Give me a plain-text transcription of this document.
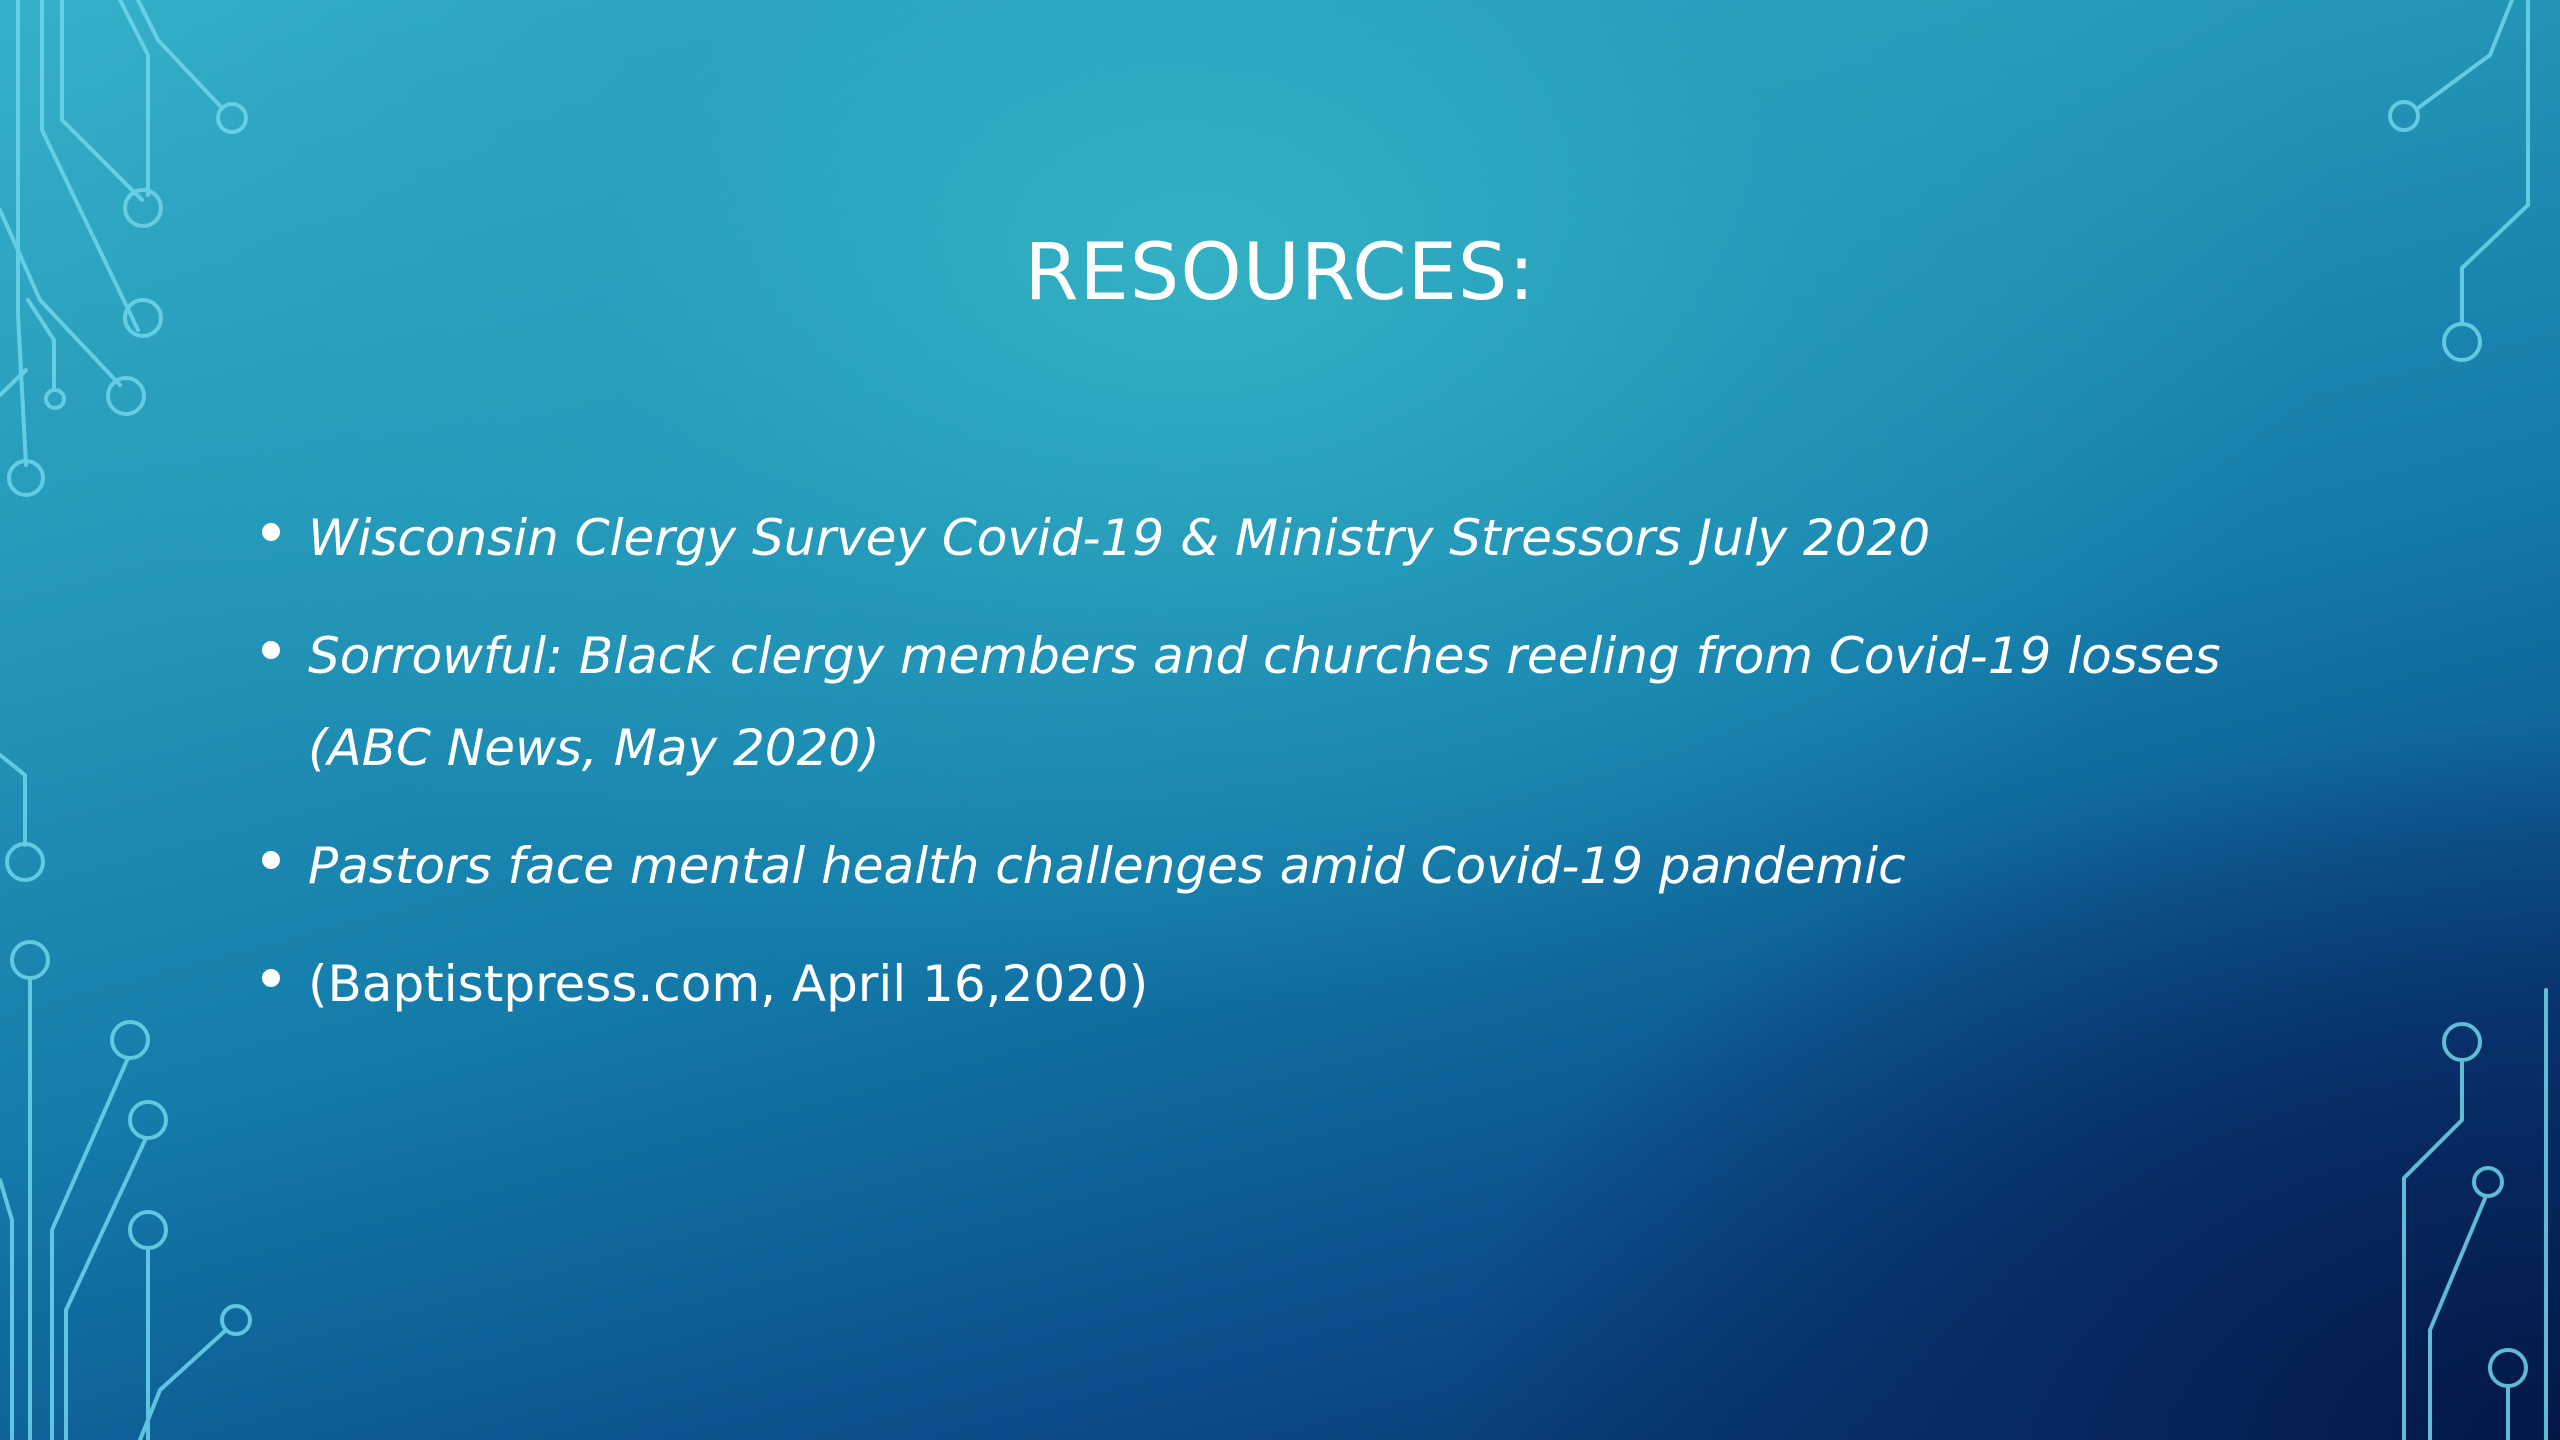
RESOURCES:
Wisconsin Clergy Survey Covid-19 & Ministry Stressors July 2020
Sorrowful: Black clergy members and churches reeling from Covid-19 losses (ABC News, May 2020)
Pastors face mental health challenges amid Covid-19 pandemic
(Baptistpress.com, April 16,2020)
